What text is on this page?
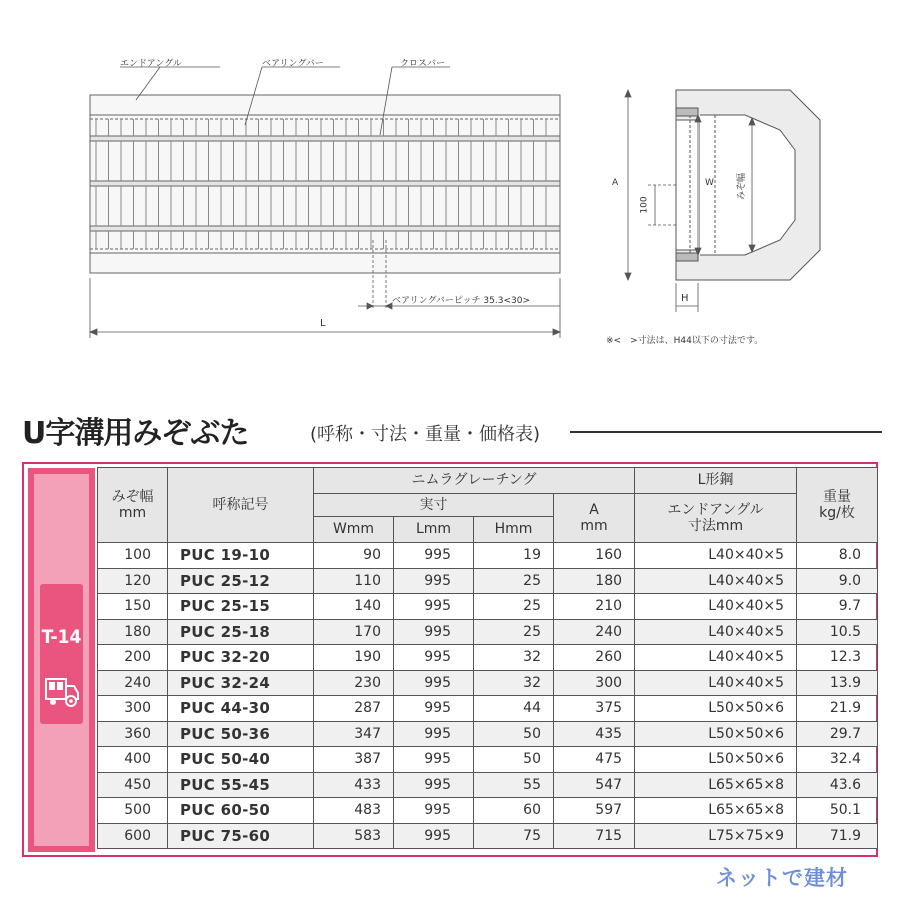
エンドアングル	ベアリングバー	クロスバー
ベアリングバーピッチ 35.3<30>
L
A
100
W	みぞ幅
H
※<　>寸法は、H44以下の寸法です。
U字溝用みぞぶた	(呼称・寸法・重量・価格表)
T-14
みぞ幅
mm	呼称記号	ニムラグレーチング				L形鋼	重量
kg/枚
		実寸			A
mm	エンドアングル
寸法mm	
		Wmm	Lmm	Hmm			
100	PUC 19-10	90	995	19	160	L40×40×5	8.0
120	PUC 25-12	110	995	25	180	L40×40×5	9.0
150	PUC 25-15	140	995	25	210	L40×40×5	9.7
180	PUC 25-18	170	995	25	240	L40×40×5	10.5
200	PUC 32-20	190	995	32	260	L40×40×5	12.3
240	PUC 32-24	230	995	32	300	L40×40×5	13.9
300	PUC 44-30	287	995	44	375	L50×50×6	21.9
360	PUC 50-36	347	995	50	435	L50×50×6	29.7
400	PUC 50-40	387	995	50	475	L50×50×6	32.4
450	PUC 55-45	433	995	55	547	L65×65×8	43.6
500	PUC 60-50	483	995	60	597	L65×65×8	50.1
600	PUC 75-60	583	995	75	715	L75×75×9	71.9
ネットで建材
